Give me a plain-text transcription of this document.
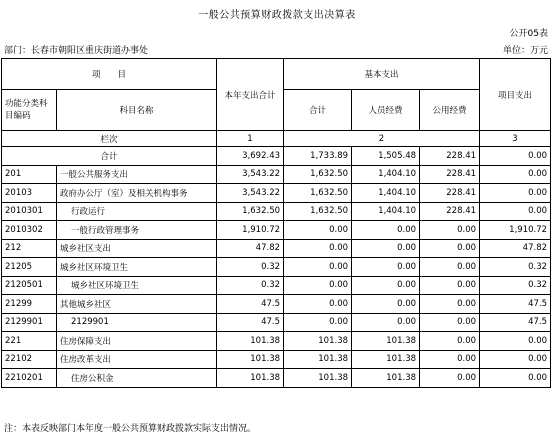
一般公共预算财政拨款支出决算表
公开05表
部门：长春市朝阳区重庆街道办事处	单位：万元
项　　目		本年支出合计	基本支出			项目支出
功能分类科目编码	科目名称		合计	人员经费	公用经费	
栏次		1	2			3
合计		3,692.43	1,733.89	1,505.48	228.41	0.00
201	一般公共服务支出	3,543.22	1,632.50	1,404.10	228.41	0.00
20103	政府办公厅（室）及相关机构事务	3,543.22	1,632.50	1,404.10	228.41	0.00
2010301	行政运行	1,632.50	1,632.50	1,404.10	228.41	0.00
2010302	一般行政管理事务	1,910.72	0.00	0.00	0.00	1,910.72
212	城乡社区支出	47.82	0.00	0.00	0.00	47.82
21205	城乡社区环境卫生	0.32	0.00	0.00	0.00	0.32
2120501	城乡社区环境卫生	0.32	0.00	0.00	0.00	0.32
21299	其他城乡社区	47.5	0.00	0.00	0.00	47.5
2129901	2129901	47.5	0.00	0.00	0.00	47.5
221	住房保障支出	101.38	101.38	101.38	0.00	0.00
22102	住房改革支出	101.38	101.38	101.38	0.00	0.00
2210201	住房公积金	101.38	101.38	101.38	0.00	0.00
注：本表反映部门本年度一般公共预算财政拨款实际支出情况。
